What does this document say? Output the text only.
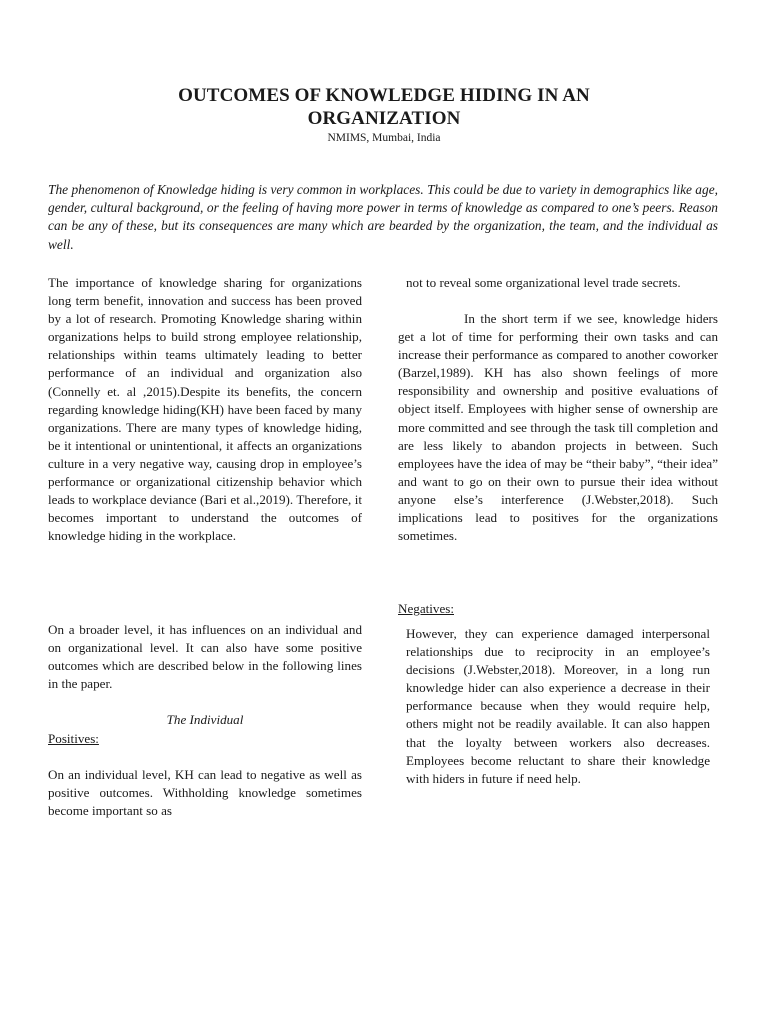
OUTCOMES OF KNOWLEDGE HIDING IN AN ORGANIZATION

NMIMS, Mumbai, India

The phenomenon of Knowledge hiding is very common in workplaces. This could be due to variety in demographics like age, gender, cultural background, or the feeling of having more power in terms of knowledge as compared to one’s peers. Reason can be any of these, but its consequences are many which are bearded by the organization, the team, and the individual as well.

The importance of knowledge sharing for organizations long term benefit, innovation and success has been proved by a lot of research. Promoting Knowledge sharing within organizations helps to build strong employee relationship, relationships within teams ultimately leading to better performance of an individual and organization also (Connelly et. al ,2015).Despite its benefits, the concern regarding knowledge hiding(KH) have been faced by many organizations. There are many types of knowledge hiding, be it intentional or unintentional, it affects an organizations culture in a very negative way, causing drop in employee’s performance or organizational citizenship behavior which leads to workplace deviance (Bari et al.,2019). Therefore, it becomes important to understand the outcomes of knowledge hiding in the workplace.

On a broader level, it has influences on an individual and on organizational level. It can also have some positive outcomes which are described below in the following lines in the paper.

The Individual

Positives:

On an individual level, KH can lead to negative as well as positive outcomes. Withholding knowledge sometimes become important so as

not to reveal some organizational level trade secrets.

In the short term if we see, knowledge hiders get a lot of time for performing their own tasks and can increase their performance as compared to another coworker (Barzel,1989). KH has also shown feelings of more responsibility and ownership and positive evaluations of object itself. Employees with higher sense of ownership are more committed and see through the task till completion and are less likely to abandon projects in between. Such employees have the idea of may be “their baby”, “their idea” and want to go on their own to pursue their idea without anyone else’s interference (J.Webster,2018). Such implications lead to positives for the organizations sometimes.

Negatives:

However, they can experience damaged interpersonal relationships due to reciprocity in an employee’s decisions (J.Webster,2018). Moreover, in a long run knowledge hider can also experience a decrease in their performance because when they would require help, others might not be readily available. It can also happen that the loyalty between workers also decreases. Employees become reluctant to share their knowledge with hiders in future if need help.
